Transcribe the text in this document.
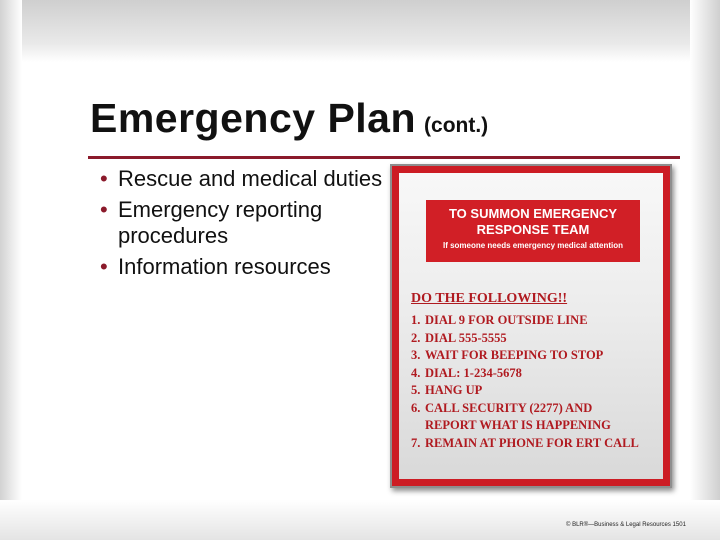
Emergency Plan (cont.)
• Rescue and medical duties
• Emergency reporting procedures
• Information resources
TO SUMMON EMERGENCY
RESPONSE TEAM
If someone needs emergency medical attention
DO THE FOLLOWING!!
1. DIAL 9 FOR OUTSIDE LINE
2. DIAL 555-5555
3. WAIT FOR BEEPING TO STOP
4. DIAL: 1-234-5678
5. HANG UP
6. CALL SECURITY (2277) AND
REPORT WHAT IS HAPPENING
7. REMAIN AT PHONE FOR ERT CALL
© BLR®—Business & Legal Resources 1501
